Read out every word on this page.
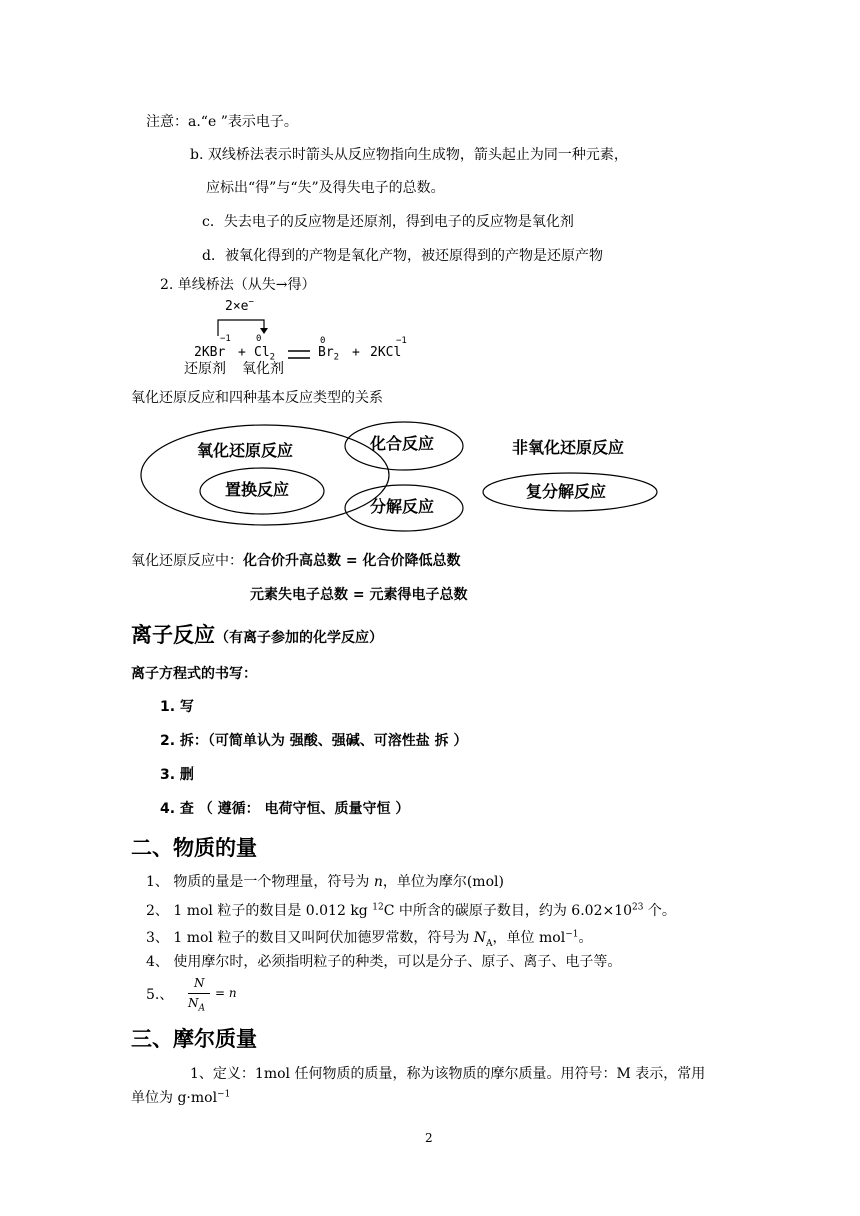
注意：a.“e ”表示电子。
b. 双线桥法表示时箭头从反应物指向生成物，箭头起止为同一种元素，
应标出“得”与“失”及得失电子的总数。
c．失去电子的反应物是还原剂，得到电子的反应物是氧化剂
d．被氧化得到的产物是氧化产物，被还原得到的产物是还原产物
2. 单线桥法（从失→得）
2×e−
−1	0	0	−1
$2KBr + Cl_2$	$Br_2 + 2KCl$
还原剂 氧化剂
氧化还原反应和四种基本反应类型的关系
氧化还原反应	化合反应
置换反应
分解反应
非氧化还原反应
复分解反应
氧化还原反应中：化合价升高总数 = 化合价降低总数
元素失电子总数 = 元素得电子总数
离子反应（有离子参加的化学反应）
离子方程式的书写：
1. 写
2. 拆：（可简单认为 强酸、强碱、可溶性盐 拆 ）
3. 删
4. 查 （ 遵循： 电荷守恒、质量守恒 ）
二、物质的量
1、 物质的量是一个物理量，符号为 n，单位为摩尔(mol)
2、 1 mol 粒子的数目是 0.012 kg $^{12}$C 中所含的碳原子数目，约为 $6.02\times 10^{23}$ 个。
3、 1 mol 粒子的数目又叫阿伏加德罗常数，符号为 $N_A$，单位 mol$^{-1}$。
4、 使用摩尔时，必须指明粒子的种类，可以是分子、原子、离子、电子等。
5.、
N
$N_A$
= n
三、摩尔质量
1、定义：1mol 任何物质的质量，称为该物质的摩尔质量。用符号：M 表示，常用
单位为 g·mol$^{-1}$
2
